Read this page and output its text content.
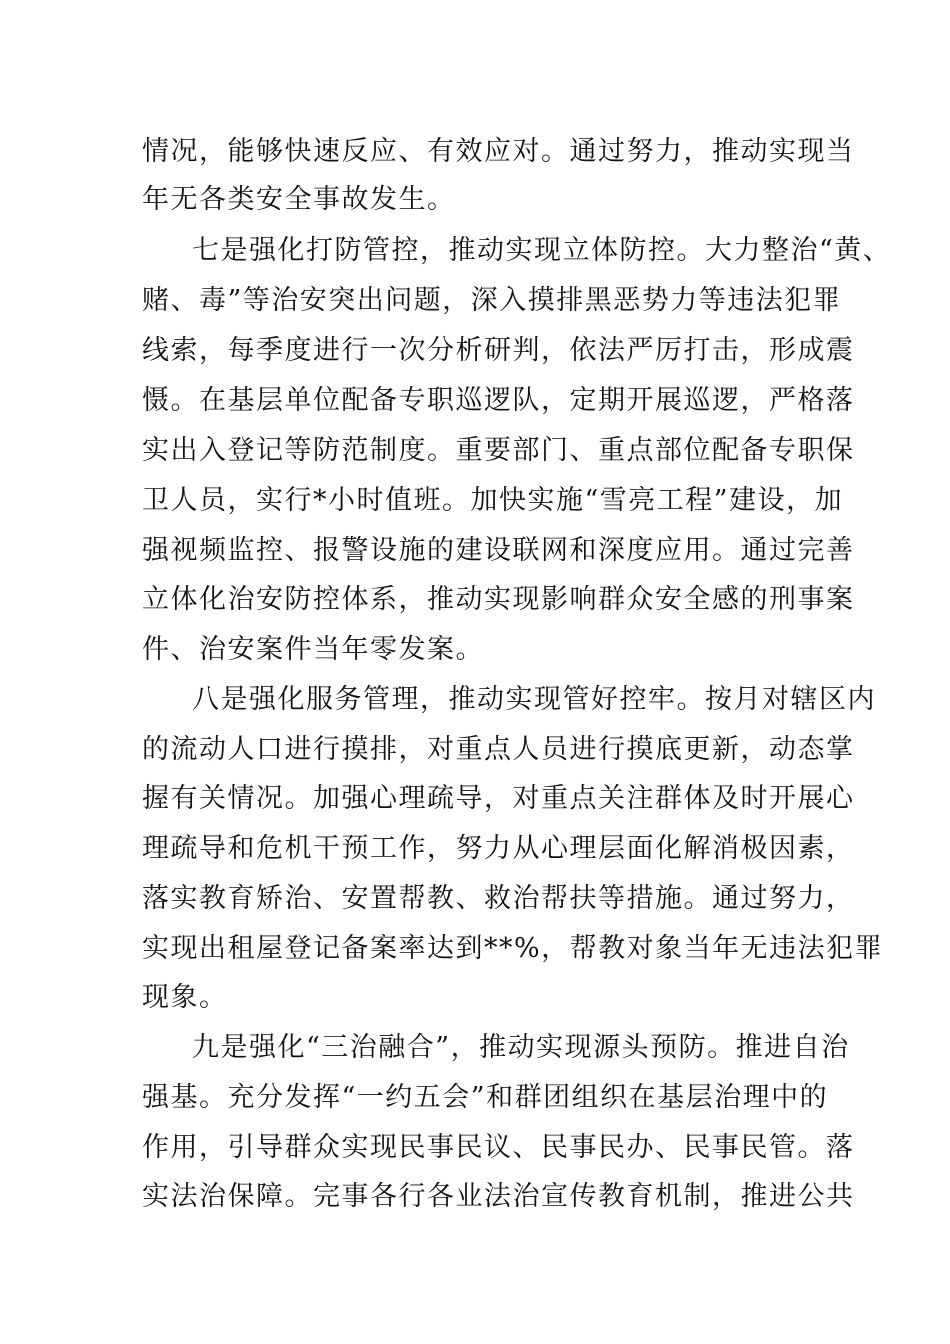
情况，能够快速反应、有效应对。通过努力，推动实现当
年无各类安全事故发生。
七是强化打防管控，推动实现立体防控。大力整治“黄、
赌、毒”等治安突出问题，深入摸排黑恶势力等违法犯罪
线索，每季度进行一次分析研判，依法严厉打击，形成震
慑。在基层单位配备专职巡逻队，定期开展巡逻，严格落
实出入登记等防范制度。重要部门、重点部位配备专职保
卫人员，实行*小时值班。加快实施“雪亮工程”建设，加
强视频监控、报警设施的建设联网和深度应用。通过完善
立体化治安防控体系，推动实现影响群众安全感的刑事案
件、治安案件当年零发案。
八是强化服务管理，推动实现管好控牢。按月对辖区内
的流动人口进行摸排，对重点人员进行摸底更新，动态掌
握有关情况。加强心理疏导，对重点关注群体及时开展心
理疏导和危机干预工作，努力从心理层面化解消极因素，
落实教育矫治、安置帮教、救治帮扶等措施。通过努力，
实现出租屋登记备案率达到**%，帮教对象当年无违法犯罪
现象。
九是强化“三治融合”，推动实现源头预防。推进自治
强基。充分发挥“一约五会”和群团组织在基层治理中的
作用，引导群众实现民事民议、民事民办、民事民管。落
实法治保障。完事各行各业法治宣传教育机制，推进公共
